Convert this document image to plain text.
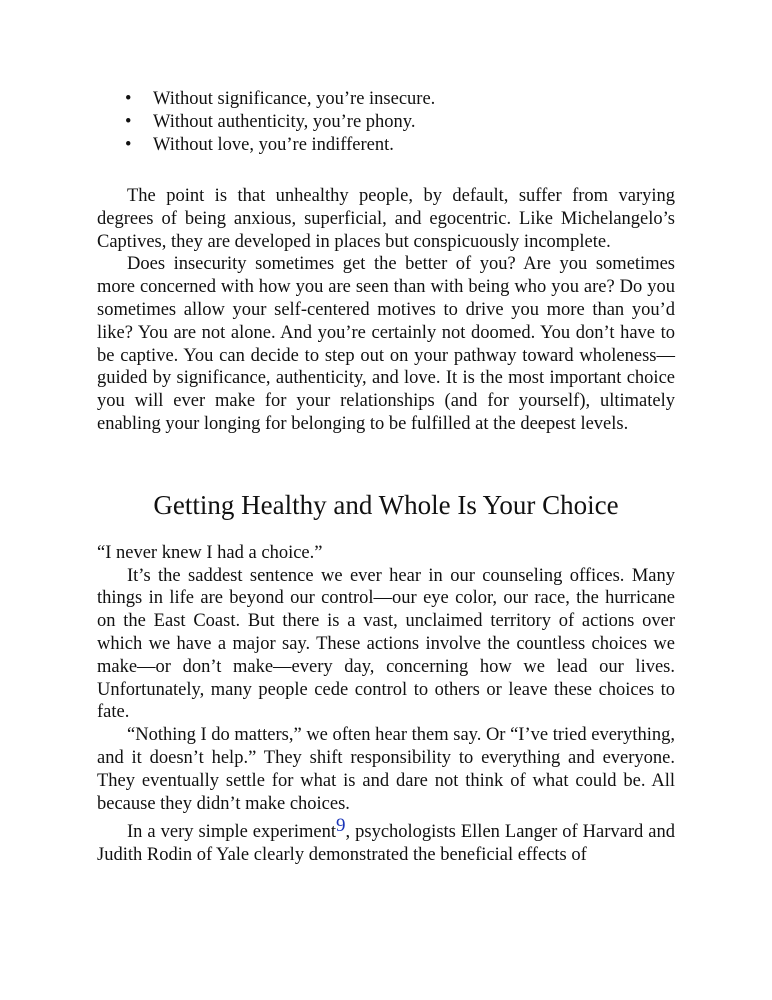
• Without significance, you’re insecure.
• Without authenticity, you’re phony.
• Without love, you’re indifferent.

The point is that unhealthy people, by default, suffer from varying degrees of being anxious, superficial, and egocentric. Like Michelangelo’s Captives, they are developed in places but conspicuously incomplete.

Does insecurity sometimes get the better of you? Are you sometimes more concerned with how you are seen than with being who you are? Do you sometimes allow your self-centered motives to drive you more than you’d like? You are not alone. And you’re certainly not doomed. You don’t have to be captive. You can decide to step out on your pathway toward wholeness—guided by significance, authenticity, and love. It is the most important choice you will ever make for your relationships (and for yourself), ultimately enabling your longing for belonging to be fulfilled at the deepest levels.

Getting Healthy and Whole Is Your Choice

“I never knew I had a choice.”

It’s the saddest sentence we ever hear in our counseling offices. Many things in life are beyond our control—our eye color, our race, the hurricane on the East Coast. But there is a vast, unclaimed territory of actions over which we have a major say. These actions involve the countless choices we make—or don’t make—every day, concerning how we lead our lives. Unfortunately, many people cede control to others or leave these choices to fate.

“Nothing I do matters,” we often hear them say. Or “I’ve tried everything, and it doesn’t help.” They shift responsibility to everything and everyone. They eventually settle for what is and dare not think of what could be. All because they didn’t make choices.

In a very simple experiment$^9$, psychologists Ellen Langer of Harvard and Judith Rodin of Yale clearly demonstrated the beneficial effects of
